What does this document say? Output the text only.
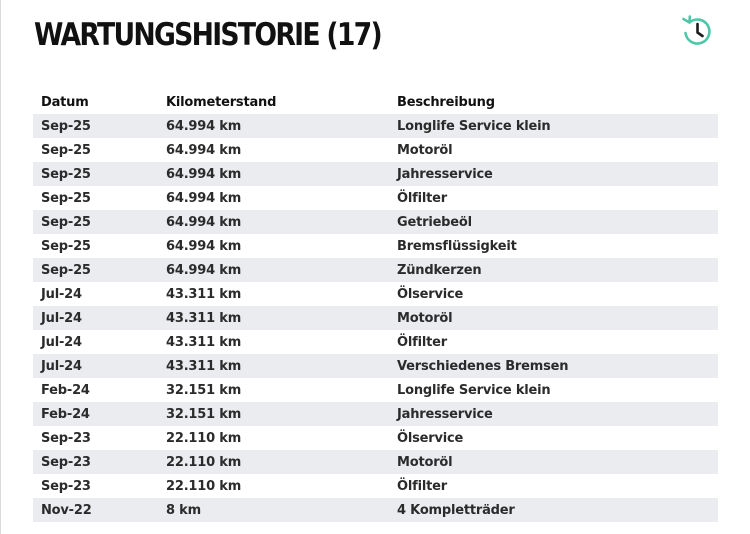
WARTUNGSHISTORIE (17)
Datum	Kilometerstand	Beschreibung
Sep-25	64.994 km	Longlife Service klein
Sep-25	64.994 km	Motoröl
Sep-25	64.994 km	Jahresservice
Sep-25	64.994 km	Ölfilter
Sep-25	64.994 km	Getriebeöl
Sep-25	64.994 km	Bremsflüssigkeit
Sep-25	64.994 km	Zündkerzen
Jul-24	43.311 km	Ölservice
Jul-24	43.311 km	Motoröl
Jul-24	43.311 km	Ölfilter
Jul-24	43.311 km	Verschiedenes Bremsen
Feb-24	32.151 km	Longlife Service klein
Feb-24	32.151 km	Jahresservice
Sep-23	22.110 km	Ölservice
Sep-23	22.110 km	Motoröl
Sep-23	22.110 km	Ölfilter
Nov-22	8 km	4 Kompletträder
